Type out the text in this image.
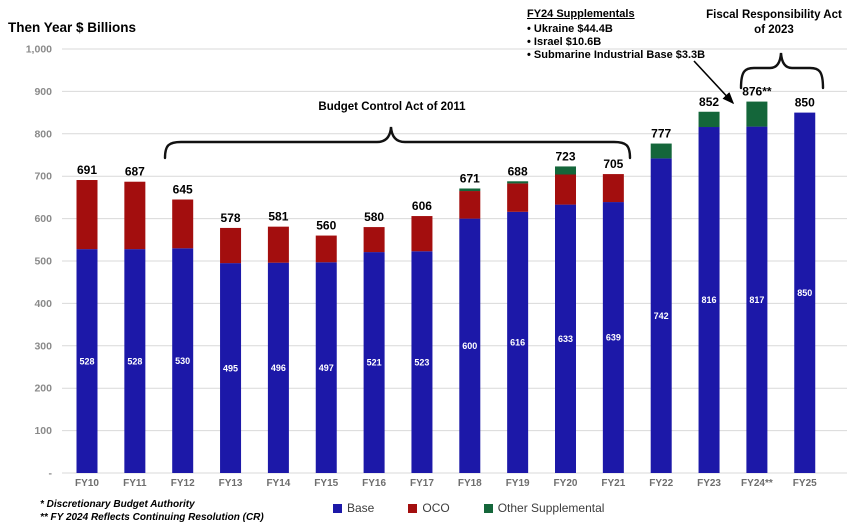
Then Year $ Billions
-
100
200
300
400
500
600
700
800
900
1,000
691 687
645
578 581
560
580
606
671
688
723
705
777
852
876**
850
528	528	530
495	496	497
521	523
600	616	633	639
742
816	817
850
FY10 FY11 FY12 FY13 FY14 FY15 FY16 FY17 FY18 FY19 FY20 FY21 FY22 FY23 FY24** FY25
FY24 Supplementals
• Ukraine $44.4B
• Israel $10.6B
• Submarine Industrial Base $3.3B
Fiscal Responsibility Act
of 2023
Budget Control Act of 2011
Base	OCO	Other Supplemental
* Discretionary Budget Authority
** FY 2024 Reflects Continuing Resolution (CR)
